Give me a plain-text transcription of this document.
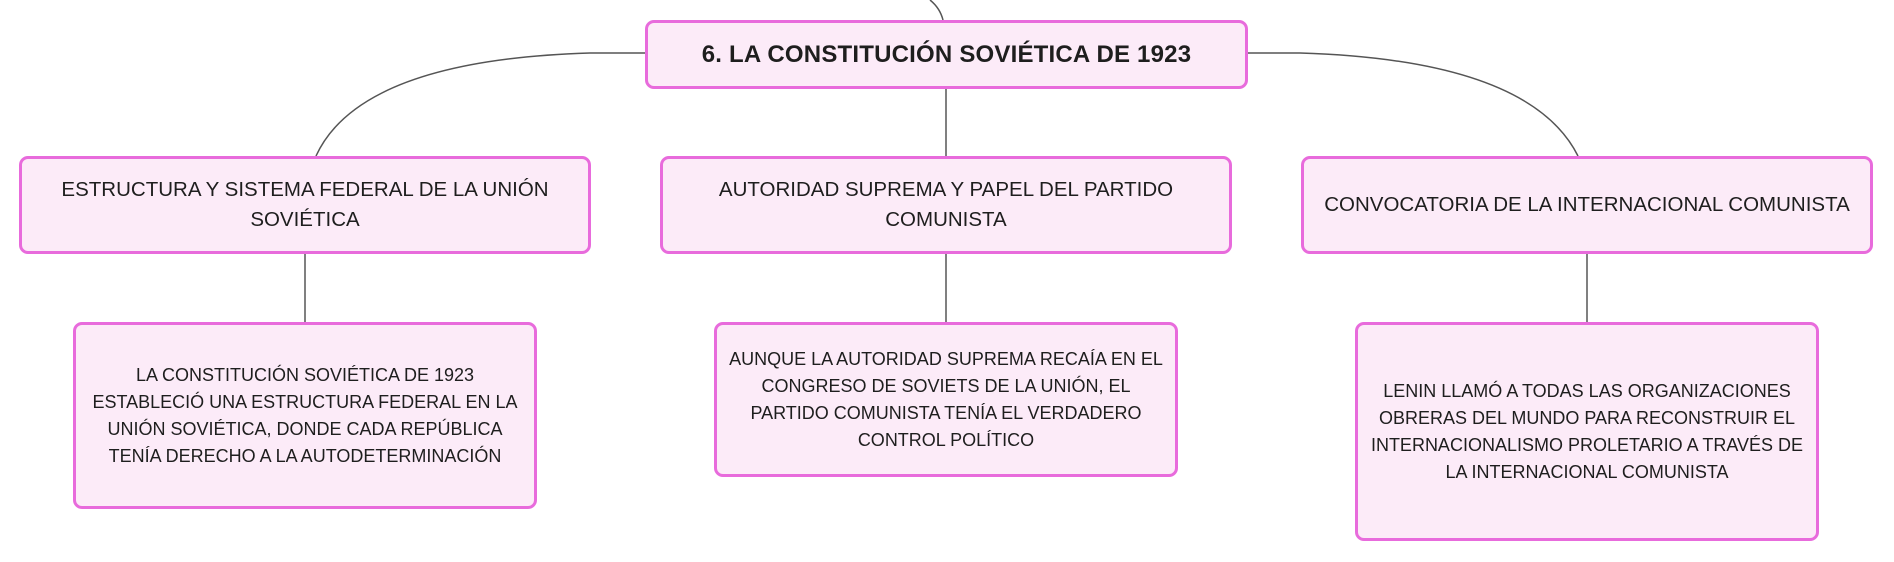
6. LA CONSTITUCIÓN SOVIÉTICA DE 1923
ESTRUCTURA Y SISTEMA FEDERAL DE LA UNIÓN SOVIÉTICA
AUTORIDAD SUPREMA Y PAPEL DEL PARTIDO COMUNISTA
CONVOCATORIA DE LA INTERNACIONAL COMUNISTA
LA CONSTITUCIÓN SOVIÉTICA DE 1923 ESTABLECIÓ UNA ESTRUCTURA FEDERAL EN LA UNIÓN SOVIÉTICA, DONDE CADA REPÚBLICA TENÍA DERECHO A LA AUTODETERMINACIÓN
AUNQUE LA AUTORIDAD SUPREMA RECAÍA EN EL CONGRESO DE SOVIETS DE LA UNIÓN, EL PARTIDO COMUNISTA TENÍA EL VERDADERO CONTROL POLÍTICO
LENIN LLAMÓ A TODAS LAS ORGANIZACIONES OBRERAS DEL MUNDO PARA RECONSTRUIR EL INTERNACIONALISMO PROLETARIO A TRAVÉS DE LA INTERNACIONAL COMUNISTA
